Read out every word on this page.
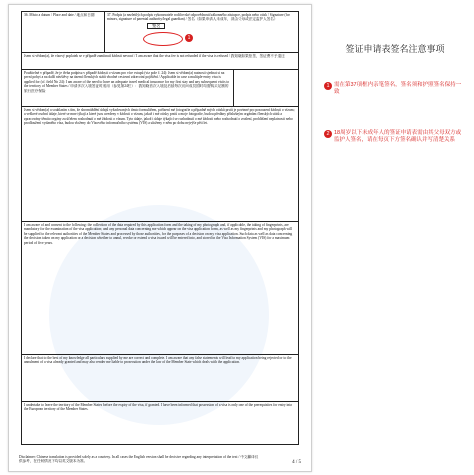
36. Místo a datum / Place and date / 地点和日期	37. Podpis (a nezletilých podpis vykonavatele rodičovské odpovědnosti/zákonného zástupce, podpis nebo otisk / Signature (for minors, signature of parental authority/legal guardian) / 签名（如果申请人未成年，须由父母或法定监护人签名）

签名
1

Jsem si vědom(a), že vízový poplatek se v případě zamítnutí žádosti nevrací / I am aware that the visa fee is not refunded if the visa is refused / 我知晓如果拒签，签证费不予退还

Použitelné v případě, že je třeba podpisu v případě žádosti o vízum pro více vstupů (viz pole č. 24): Jsem si vědom(a) nutnosti sjednat si na první pobyt a na další návštěvy na území členských států vhodné cestovní zdravotní pojištění / Applicable in case a multiple-entry visa is applied for (cf. field No 24): I am aware of the need to have an adequate travel medical insurance for my first stay and any subsequent visits to the territory of Member States / 申请多次入境签证时适用（参见第24栏）：我知晓首次入境及后续每次访问成员国时均需购买足额的旅行医疗保险

Jsem si vědom(a) a souhlasím s tím, že shromáždění údajů vyžadovaných tímto formulářem, pořízení mé fotografie a případně mých otisků prstů je povinné pro posouzení žádosti o vízum; a veškeré osobní údaje, které se mne týkají a které jsou uvedeny v žádosti o vízum, jakož i mé otisky prstů a moje fotografie, budou předány příslušným orgánům členských států a zpracovány těmito orgány za účelem rozhodnutí o mé žádosti o vízum. Tyto údaje, jakož i údaje týkající se rozhodnutí o mé žádosti nebo rozhodnutí o zrušení, prohlášení neplatnosti nebo prodloužení vydaného víza, budou vloženy do Vízového informačního systému (VIS) a uloženy v něm po dobu nejvýše pěti let.

I am aware of and consent to the following: the collection of the data required by this application form and the taking of my photograph and, if applicable, the taking of fingerprints, are mandatory for the examination of the visa application; and any personal data concerning me which appear on the visa application form, as well as my fingerprints and my photograph will be supplied to the relevant authorities of the Member States and processed by those authorities, for the purposes of a decision on my visa application. Such data as well as data concerning the decision taken on my application or a decision whether to annul, revoke or extend a visa issued will be entered into, and stored in the Visa Information System (VIS) for a maximum period of five years.

I declare that to the best of my knowledge all particulars supplied by me are correct and complete. I am aware that any false statements will lead to my application being rejected or to the annulment of a visa already granted and may also render me liable to prosecution under the law of the Member State which deals with the application.

I undertake to leave the territory of the Member States before the expiry of the visa, if granted. I have been informed that possession of a visa is only one of the prerequisites for entry into the European territory of the Member States.

Disclaimer: Chinese translation is provided solely as a courtesy. In all cases the English version shall be decisive regarding any interpretation of the text / 中文翻译仅供参考，在任何情况下均以英文版本为准。	4 / 5
签证申请表签名注意事项
1 需在第37项框内亲笔签名，签名须和护照签名保持一致
2 18周岁以下未成年人的签证申请表需由其父母双方或监护人签名，请在每页下方签名确认并写清楚关系
